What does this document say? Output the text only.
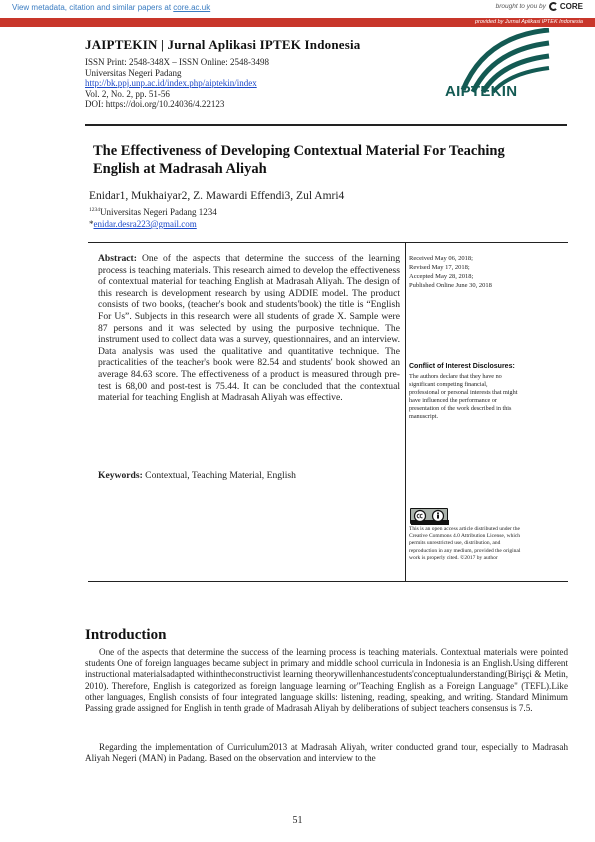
View metadata, citation and similar papers at core.ac.uk	brought to you by CORE
provided by Jurnal Aplikasi IPTEK Indonesia
JAIPTEKIN | Jurnal Aplikasi IPTEK Indonesia
ISSN Print: 2548-348X – ISSN Online: 2548-3498
Universitas Negeri Padang
http://bk.ppj.unp.ac.id/index.php/aiptekin/index
Vol. 2, No. 2, pp. 51-56
DOI: https://doi.org/10.24036/4.22123
AIPTEKIN
The Effectiveness of Developing Contextual Material For Teaching English at Madrasah Aliyah
Enidar1, Mukhaiyar2, Z. Mawardi Effendi3, Zul Amri4
$^{1234}$Universitas Negeri Padang 1234
*enidar.desra223@gmail.com
Abstract: One of the aspects that determine the success of the learning process is teaching materials. This research aimed to develop the effectiveness of contextual material for teaching English at Madrasah Aliyah. The design of this research is development research by using ADDIE model. The product consists of two books, (teacher's book and students'book) the title is “English For Us”. Subjects in this research were all students of grade X. Sample were 87 persons and it was selected by using the purposive technique. The instrument used to collect data was a survey, questionnaires, and an interview. Data analysis was used the qualitative and quantitative technique. The practicalities of the teacher's book were 82.54 and students' book showed an average 84.63 score. The effectiveness of a product is measured through pre-test is 68,00 and post-test is 75.44. It can be concluded that the contextual material for teaching English at Madrasah Aliyah was effective.
Keywords: Contextual, Teaching Material, English
Received May 06, 2018;
Revised May 17, 2018;
Accepted May 28, 2018;
Published Online June 30, 2018
Conflict of Interest Disclosures:
The authors declare that they have no significant competing financial, professional or personal interests that might have influenced the performance or presentation of the work described in this manuscript.
This is an open access article distributed under the Creative Commons 4.0 Attribution License, which permits unrestricted use, distribution, and reproduction in any medium, provided the original work is properly cited. ©2017 by author
Introduction
One of the aspects that determine the success of the learning process is teaching materials. Contextual materials were pointed students One of foreign languages became subject in primary and middle school curricula in Indonesia is an English.Using different instructional materialsadapted withintheconstructivist learning theorywillenhancestudents'conceptualunderstanding(Birişçi & Metin, 2010). Therefore, English is categorized as foreign language learning or"Teaching English as a Foreign Language" (TEFL).Like other languages, English consists of four integrated language skills: listening, reading, speaking, and writing. Standard Minimum Passing grade assigned for English in tenth grade of Madrasah Aliyah by deliberations of subject teachers consensus is 7.5.
Regarding the implementation of Curriculum2013 at Madrasah Aliyah, writer conducted grand tour, especially to Madrasah Aliyah Negeri (MAN) in Padang. Based on the observation and interview to the
51
